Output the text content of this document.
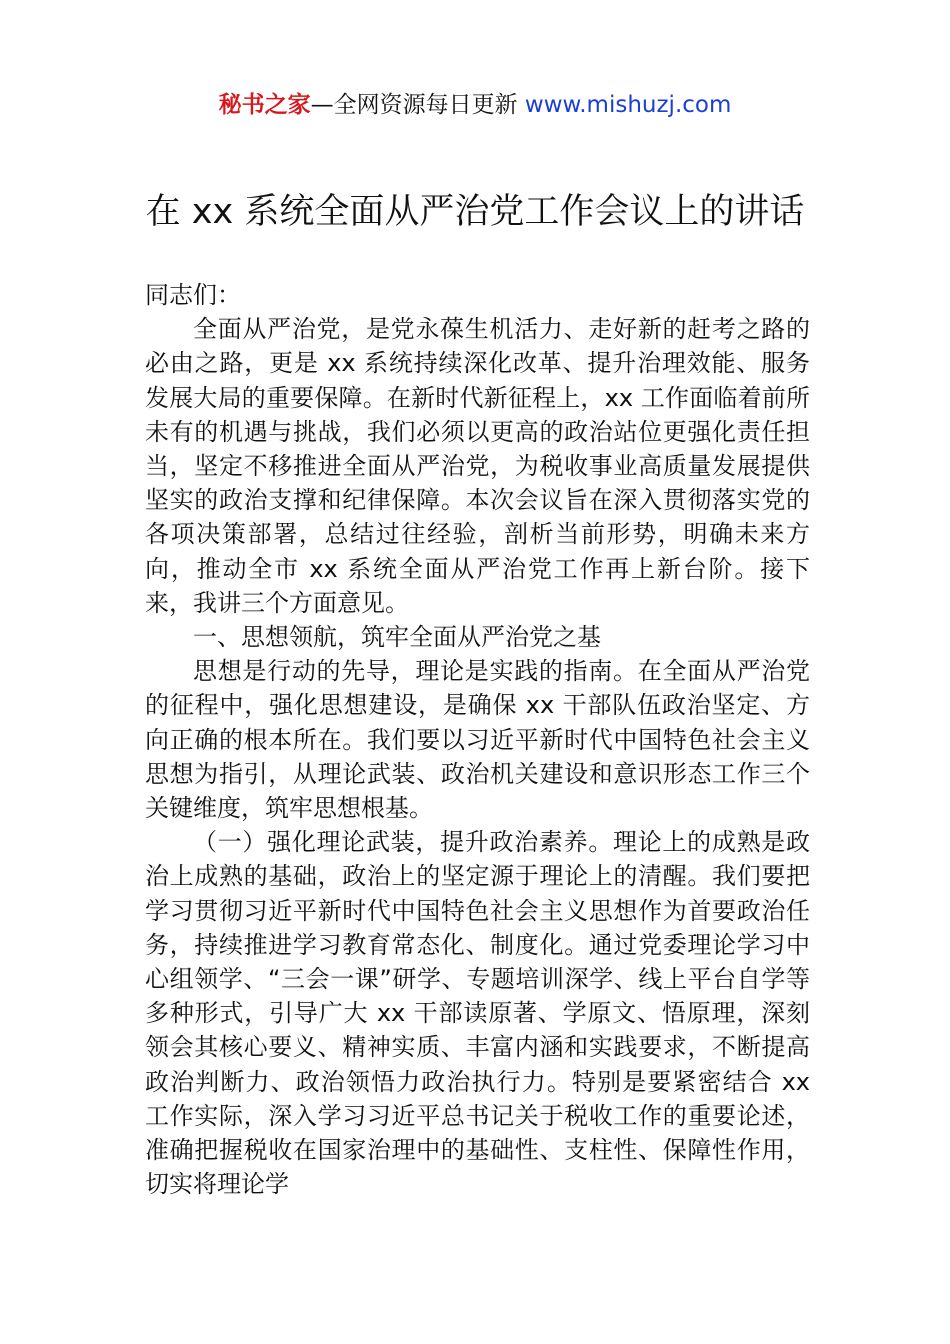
秘书之家—全网资源每日更新 www.mishuzj.com
在 xx 系统全面从严治党工作会议上的讲话

同志们：

全面从严治党，是党永葆生机活力、走好新的赶考之路的必由之路，更是 xx 系统持续深化改革、提升治理效能、服务发展大局的重要保障。在新时代新征程上，xx 工作面临着前所未有的机遇与挑战，我们必须以更高的政治站位更强化责任担当，坚定不移推进全面从严治党，为税收事业高质量发展提供坚实的政治支撑和纪律保障。本次会议旨在深入贯彻落实党的各项决策部署，总结过往经验，剖析当前形势，明确未来方向，推动全市 xx 系统全面从严治党工作再上新台阶。接下来，我讲三个方面意见。

一、思想领航，筑牢全面从严治党之基

思想是行动的先导，理论是实践的指南。在全面从严治党的征程中，强化思想建设，是确保 xx 干部队伍政治坚定、方向正确的根本所在。我们要以习近平新时代中国特色社会主义思想为指引，从理论武装、政治机关建设和意识形态工作三个关键维度，筑牢思想根基。

（一）强化理论武装，提升政治素养。理论上的成熟是政治上成熟的基础，政治上的坚定源于理论上的清醒。我们要把学习贯彻习近平新时代中国特色社会主义思想作为首要政治任务，持续推进学习教育常态化、制度化。通过党委理论学习中心组领学、“三会一课”研学、专题培训深学、线上平台自学等多种形式，引导广大 xx 干部读原著、学原文、悟原理，深刻领会其核心要义、精神实质、丰富内涵和实践要求，不断提高政治判断力、政治领悟力政治执行力。特别是要紧密结合 xx 工作实际，深入学习习近平总书记关于税收工作的重要论述，准确把握税收在国家治理中的基础性、支柱性、保障性作用，切实将理论学
